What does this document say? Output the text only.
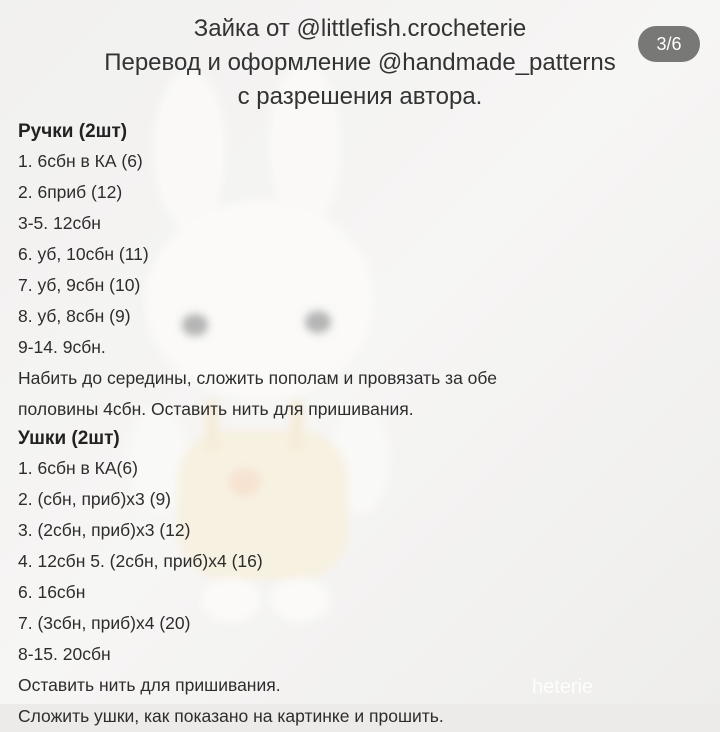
Зайка от @littlefish.crocheterie
Перевод и оформление @handmade_patterns
с разрешения автора.
3/6
Ручки (2шт)
1. 6сбн в КА (6)
2. 6приб (12)
3-5. 12сбн
6. уб, 10сбн (11)
7. уб, 9сбн (10)
8. уб, 8сбн (9)
9-14. 9сбн.
Набить до середины, сложить пополам и провязать за обе
половины 4сбн. Оставить нить для пришивания.
Ушки (2шт)
1. 6сбн в КА(6)
2. (сбн, приб)х3 (9)
3. (2сбн, приб)х3 (12)
4. 12сбн 5. (2сбн, приб)х4 (16)
6. 16сбн
7. (3сбн, приб)х4 (20)
8-15. 20сбн
Оставить нить для пришивания.
Сложить ушки, как показано на картинке и прошить.
heterie
